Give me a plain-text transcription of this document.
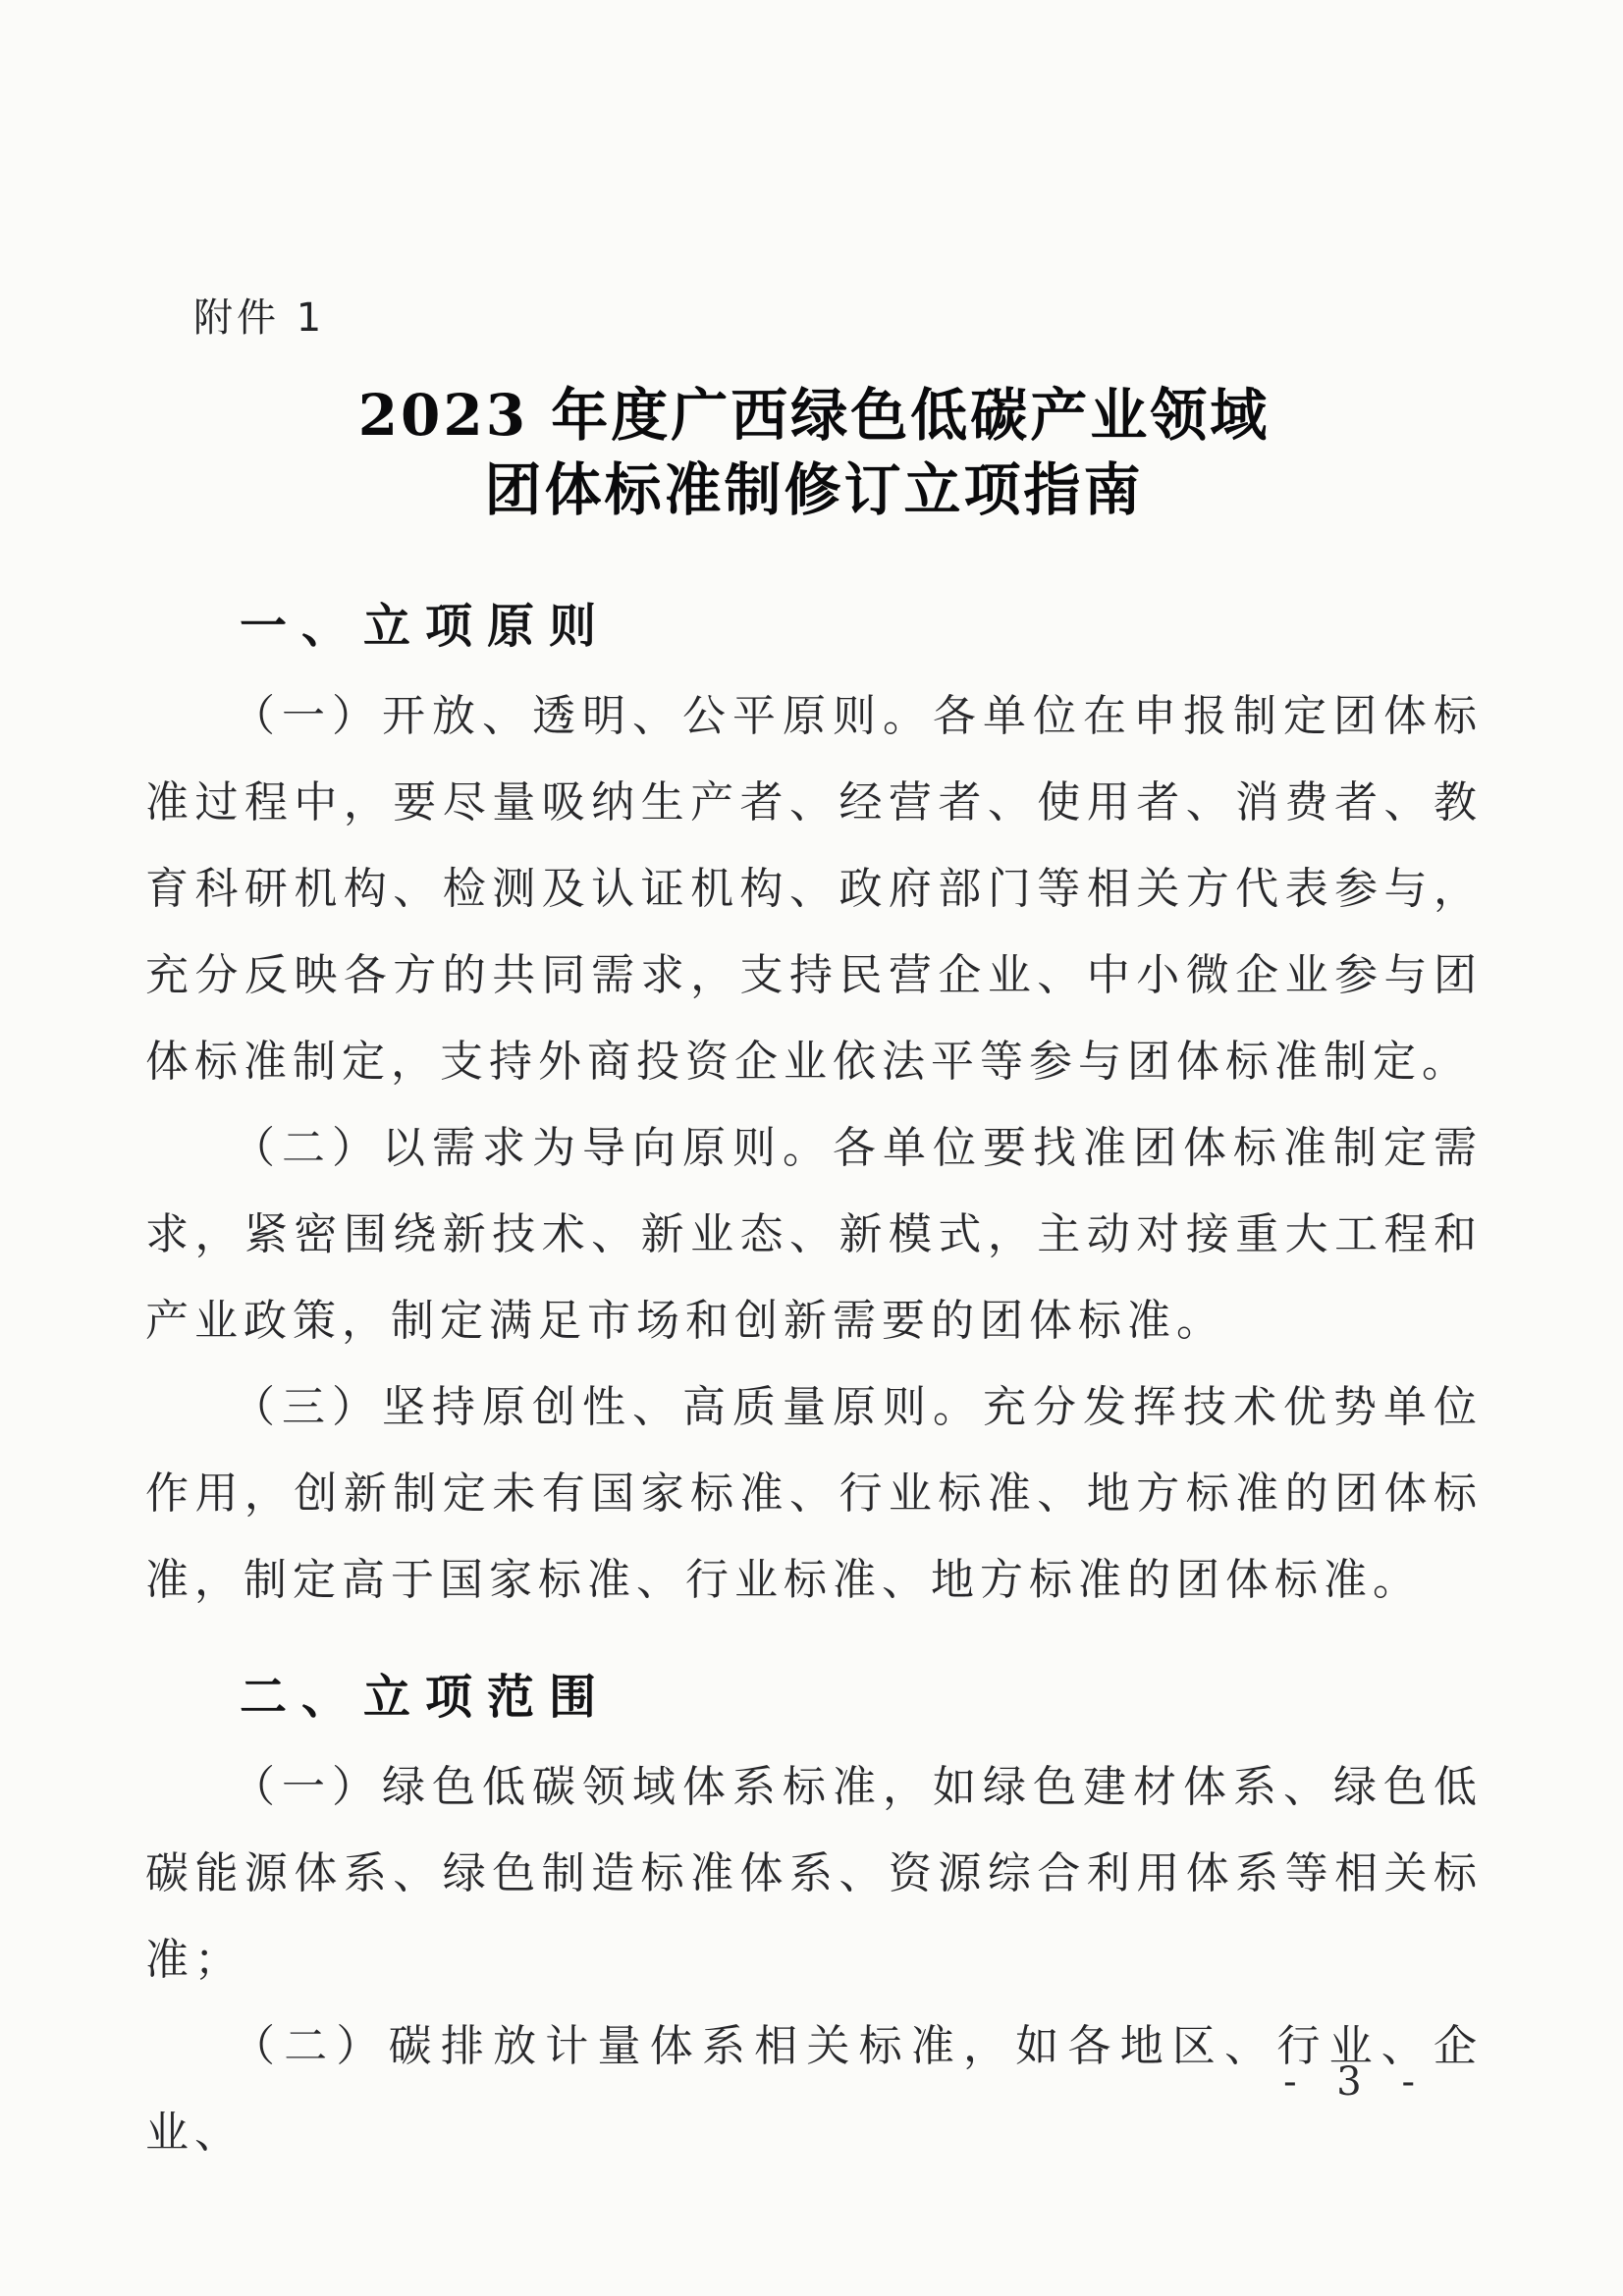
附件 1
2023 年度广西绿色低碳产业领域
团体标准制修订立项指南
一、立项原则

（一）开放、透明、公平原则。各单位在申报制定团体标准过程中，要尽量吸纳生产者、经营者、使用者、消费者、教育科研机构、检测及认证机构、政府部门等相关方代表参与，充分反映各方的共同需求，支持民营企业、中小微企业参与团体标准制定，支持外商投资企业依法平等参与团体标准制定。

（二）以需求为导向原则。各单位要找准团体标准制定需求，紧密围绕新技术、新业态、新模式，主动对接重大工程和产业政策，制定满足市场和创新需要的团体标准。

（三）坚持原创性、高质量原则。充分发挥技术优势单位作用，创新制定未有国家标准、行业标准、地方标准的团体标准，制定高于国家标准、行业标准、地方标准的团体标准。

二、立项范围

（一）绿色低碳领域体系标准，如绿色建材体系、绿色低碳能源体系、绿色制造标准体系、资源综合利用体系等相关标准；

（二）碳排放计量体系相关标准，如各地区、行业、企业、

- 3 -
